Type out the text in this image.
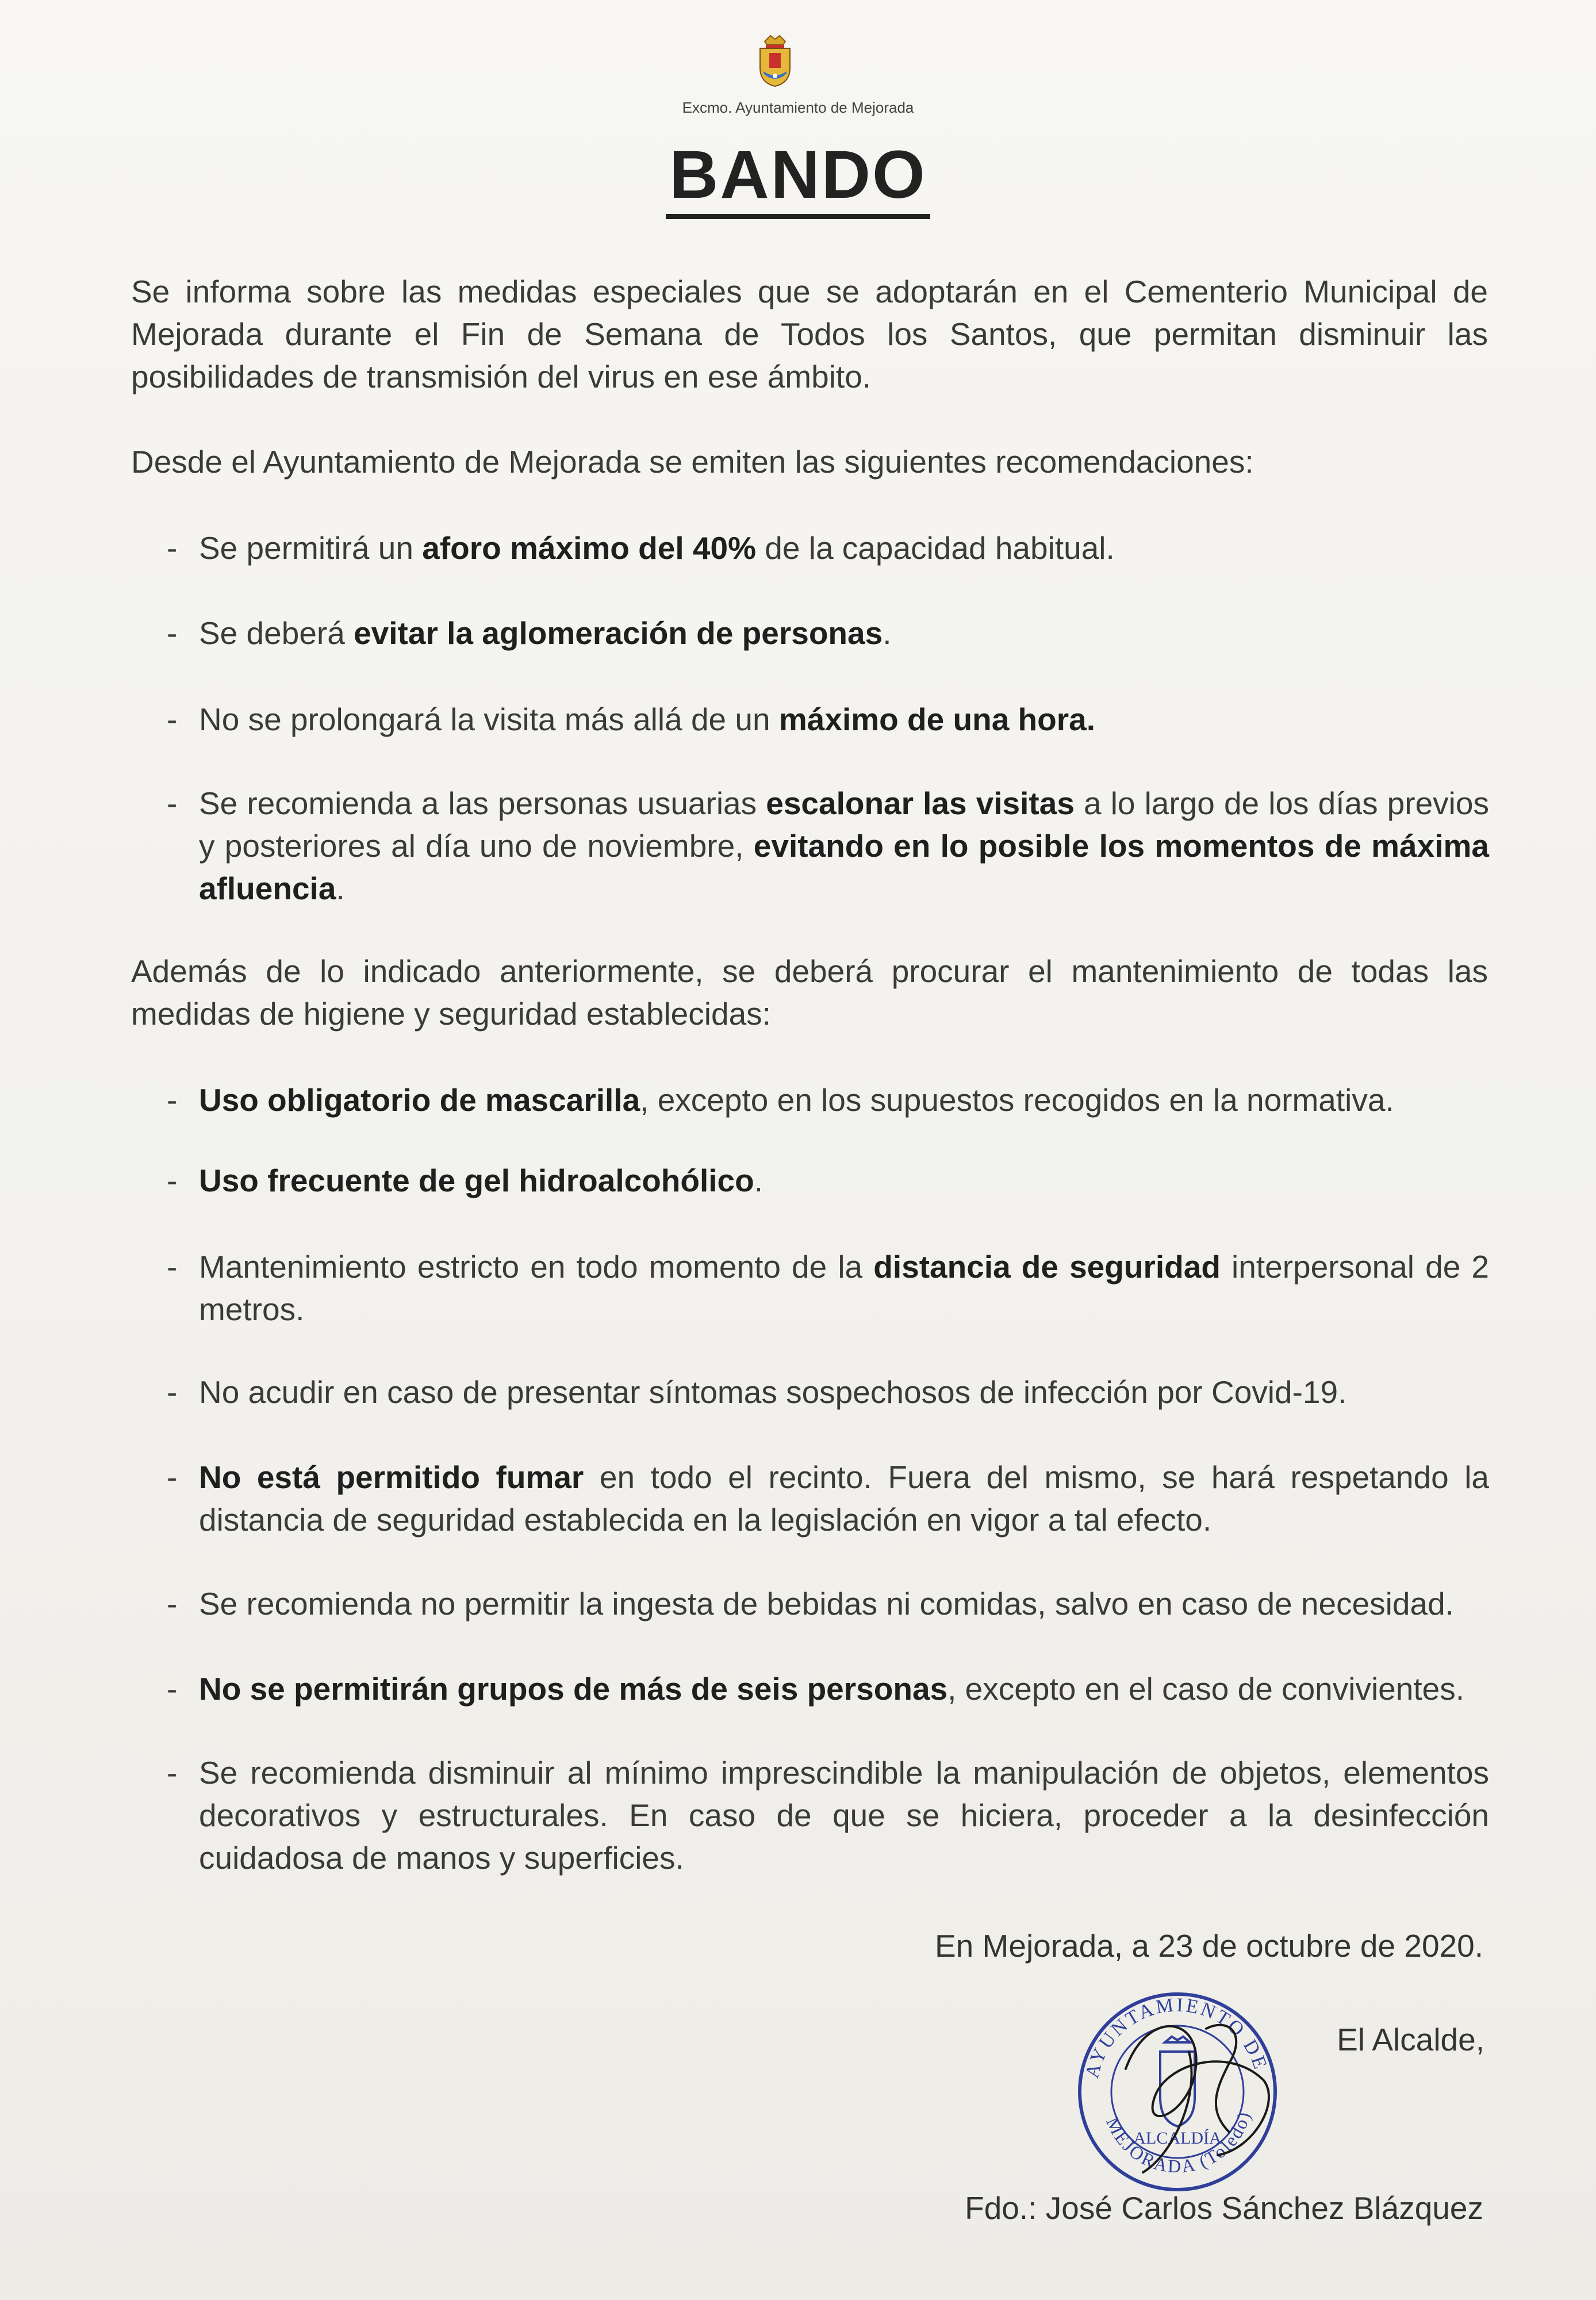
Excmo. Ayuntamiento de Mejorada
BANDO
Se informa sobre las medidas especiales que se adoptarán en el Cementerio Municipal de Mejorada durante el Fin de Semana de Todos los Santos, que permitan disminuir las posibilidades de transmisión del virus en ese ámbito.
Desde el Ayuntamiento de Mejorada se emiten las siguientes recomendaciones:
- Se permitirá un aforo máximo del 40% de la capacidad habitual.
- Se deberá evitar la aglomeración de personas.
- No se prolongará la visita más allá de un máximo de una hora.
- Se recomienda a las personas usuarias escalonar las visitas a lo largo de los días previos y posteriores al día uno de noviembre, evitando en lo posible los momentos de máxima afluencia.
Además de lo indicado anteriormente, se deberá procurar el mantenimiento de todas las medidas de higiene y seguridad establecidas:
- Uso obligatorio de mascarilla, excepto en los supuestos recogidos en la normativa.
- Uso frecuente de gel hidroalcohólico.
- Mantenimiento estricto en todo momento de la distancia de seguridad interpersonal de 2 metros.
- No acudir en caso de presentar síntomas sospechosos de infección por Covid-19.
- No está permitido fumar en todo el recinto. Fuera del mismo, se hará respetando la distancia de seguridad establecida en la legislación en vigor a tal efecto.
- Se recomienda no permitir la ingesta de bebidas ni comidas, salvo en caso de necesidad.
- No se permitirán grupos de más de seis personas, excepto en el caso de convivientes.
- Se recomienda disminuir al mínimo imprescindible la manipulación de objetos, elementos decorativos y estructurales. En caso de que se hiciera, proceder a la desinfección cuidadosa de manos y superficies.
En Mejorada, a 23 de octubre de 2020.
AYUNTAMIENTO DE
MEJORADA (Toledo)
ALCALDÍA
El Alcalde,
Fdo.: José Carlos Sánchez Blázquez
